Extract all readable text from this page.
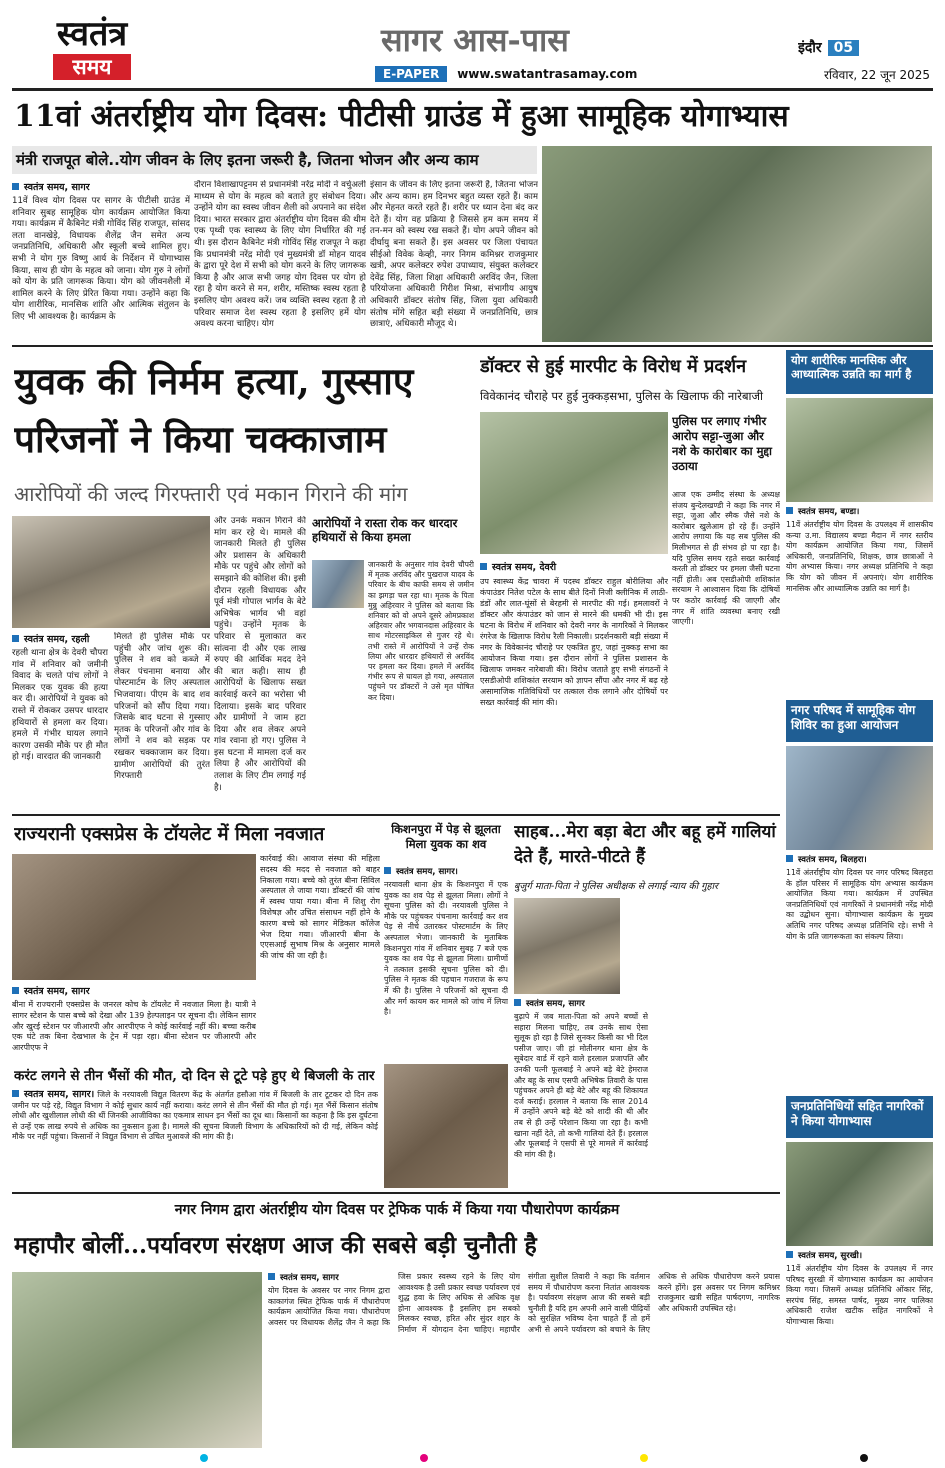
स्वतंत्र
समय
सागर आस-पास
E-PAPER www.swatantrasamay.com
इंदौर 05
रविवार, 22 जून 2025
11वां अंतर्राष्ट्रीय योग दिवस: पीटीसी ग्राउंड में हुआ सामूहिक योगाभ्यास
मंत्री राजपूत बोले..योग जीवन के लिए इतना जरूरी है, जितना भोजन और अन्य काम
स्वतंत्र समय, सागर
11वें विश्व योग दिवस पर सागर के पीटीसी ग्राउंड में शनिवार सुबह सामूहिक योग कार्यक्रम आयोजित किया गया। कार्यक्रम में कैबिनेट मंत्री गोविंद सिंह राजपूत, सांसद लता वानखेड़े, विधायक शैलेंद्र जैन समेत अन्य जनप्रतिनिधि, अधिकारी और स्कूली बच्चे शामिल हुए। सभी ने योग गुरु विष्णु आर्य के निर्देशन में योगाभ्यास किया, साथ ही योग के महत्व को जाना। योग गुरु ने लोगों को योग के प्रति जागरूक किया। योग को जीवनशैली में शामिल करने के लिए प्रेरित किया गया। उन्होंने कहा कि योग शारीरिक, मानसिक शांति और आत्मिक संतुलन के लिए भी आवश्यक है। कार्यक्रम के
दौरान विशाखापट्टनम से प्रधानमंत्री नरेंद्र मोदी ने वर्चुअली माध्यम से योग के महत्व को बताते हुए संबोधन दिया। उन्होंने योग का स्वस्थ जीवन शैली को अपनाने का संदेश दिया। भारत सरकार द्वारा अंतर्राष्ट्रीय योग दिवस की थीम एक पृथ्वी एक स्वास्थ्य के लिए योग निर्धारित की गई थी। इस दौरान कैबिनेट मंत्री गोविंद सिंह राजपूत ने कहा कि प्रधानमंत्री नरेंद्र मोदी एवं मुख्यमंत्री डॉ मोहन यादव के द्वारा पूरे देश में सभी को योग करने के लिए जागरूक किया है और आज सभी जगह योग दिवस पर योग हो रहा है योग करने से मन, शरीर, मस्तिष्क स्वस्थ रहता है इसलिए योग अवश्य करें। जब व्यक्ति स्वस्थ रहता है तो परिवार समाज देश स्वस्थ रहता है इसलिए हमें योग अवश्य करना चाहिए। योग
इंसान के जीवन के लिए इतना जरूरी है, जितना भोजन और अन्य काम। हम दिनभर बहुत व्यस्त रहते हैं। काम और मेहनत करते रहते हैं। शरीर पर ध्यान देना बंद कर देते हैं। योग वह प्रक्रिया है जिससे हम कम समय में तन-मन को स्वस्थ रख सकते हैं। योग अपने जीवन को दीर्घायु बना सकते हैं। इस अवसर पर जिला पंचायत सीईओ विवेक केव्ही, नगर निगम कमिश्नर राजकुमार खत्री, अपर कलेक्टर रुपेश उपाध्याय, संयुक्त कलेक्टर देवेंद्र सिंह, जिला शिक्षा अधिकारी अरविंद जैन, जिला परियोजना अधिकारी गिरीश मिश्रा, संभागीय आयुष अधिकारी डॉक्टर संतोष सिंह, जिला युवा अधिकारी संतोष मोंगे सहित बड़ी संख्या में जनप्रतिनिधि, छात्र छात्राएं, अधिकारी मौजूद थे।
युवक की निर्मम हत्या, गुस्साए परिजनों ने किया चक्काजाम
आरोपियों की जल्द गिरफ्तारी एवं मकान गिराने की मांग
स्वतंत्र समय, रहली
रहली थाना क्षेत्र के देवरी चौपरा गांव में शनिवार को जमीनी विवाद के चलते पांच लोगों ने मिलकर एक युवक की हत्या कर दी। आरोपियों ने युवक को रास्ते में रोककर उसपर धारदार हथियारों से हमला कर दिया। हमले में गंभीर घायल लगाने कारण उसकी मौके पर ही मौत हो गई। वारदात की जानकारी
मिलते ही पुलिस मौके पर पहुंची और जांच शुरू की। पुलिस ने शव को कब्जे में लेकर पंचनामा बनाया और पोस्टमार्टम के लिए अस्पताल भिजवाया। पीएम के बाद शव परिजनों को सौंप दिया गया। जिसके बाद घटना से गुस्साए मृतक के परिजनों और गांव के लोगों ने शव को सड़क पर रखकर चक्काजाम कर दिया। ग्रामीण आरोपियों की तुरंत गिरफ्तारी
और उनके मकान गिराने की मांग कर रहे थे। मामले की जानकारी मिलते ही पुलिस और प्रशासन के अधिकारी मौके पर पहुंचे और लोगों को समझाने की कोशिश की। इसी दौरान रहली विधायक और पूर्व मंत्री गोपाल भार्गव के बेटे अभिषेक भार्गव भी वहां पहुंचे। उन्होंने मृतक के परिवार से मुलाकात कर सांत्वना दी और एक लाख रुपए की आर्थिक मदद देने की बात कही। साथ ही आरोपियों के खिलाफ सख्त कार्रवाई करने का भरोसा भी दिलाया। इसके बाद परिवार और ग्रामीणों ने जाम हटा दिया और शव लेकर अपने गांव रवाना हो गए। पुलिस ने इस घटना में मामला दर्ज कर लिया है और आरोपियों की तलाश के लिए टीम लगाई गई है।
आरोपियों ने रास्ता रोक कर धारदार हथियारों से किया हमला
जानकारी के अनुसार गांव देवरी चौपरी में मृतक अरविंद और पुखराज यादव के परिवार के बीच काफी समय से जमीन का झगड़ा चल रहा था। मृतक के पिता मुन्नु अहिरवार ने पुलिस को बताया कि शनिवार को वो अपने दूसरे ओमप्रकाश अहिरवार और भगवानदास अहिरवार के साथ मोटरसाइकिल से गुजर रहे थे। तभी रास्ते में आरोपियों ने उन्हें रोक लिया और धारदार हथियारों से अरविंद पर हमला कर दिया। हमले में अरविंद गंभीर रूप से घायल हो गया, अस्पताल पहुंचने पर डॉक्टरों ने उसे मृत घोषित कर दिया।
डॉक्टर से हुई मारपीट के विरोध में प्रदर्शन
विवेकानंद चौराहे पर हुई नुक्कड़सभा, पुलिस के खिलाफ की नारेबाजी
पुलिस पर लगाए गंभीर आरोप सट्टा-जुआ और नशे के कारोबार का मुद्दा उठाया
आज एक उम्मीद संस्था के अध्यक्ष संजय बुन्देलखण्डी ने कहा कि नगर में सट्टा, जुआ और स्मैक जैसे नशे के कारोबार खुलेआम हो रहे हैं। उन्होंने आरोप लगाया कि यह सब पुलिस की मिलीभगत से ही संभव हो पा रहा है। यदि पुलिस समय रहते सख्त कार्रवाई करती तो डॉक्टर पर हमला जैसी घटना नहीं होती। अब एसडीओपी शशिकांत सरयाम ने आश्वासन दिया कि दोषियों पर कठोर कार्रवाई की जाएगी और नगर में शांति व्यवस्था बनाए रखी जाएगी।
स्वतंत्र समय, देवरी
उप स्वास्थ्य केंद्र चावरा में पदस्थ डॉक्टर राहुल बोरीलिया और कंपाउंडर नितेश पटेल के साथ बीते दिनों निजी क्लीनिक में लाठी-डंडों और लात-घूंसों से बेरहमी से मारपीट की गई। हमलावरों ने डॉक्टर और कंपाउंडर को जान से मारने की धमकी भी दी। इस घटना के विरोध में शनिवार को देवरी नगर के नागरिकों ने मिलकर रंगरेज के खिलाफ विरोध रैली निकाली। प्रदर्शनकारी बड़ी संख्या में नगर के विवेकानंद चौराहे पर एकत्रित हुए, जहां नुक्कड़ सभा का आयोजन किया गया। इस दौरान लोगों ने पुलिस प्रशासन के खिलाफ जमकर नारेबाजी की। विरोध जताते हुए सभी संगठनों ने एसडीओपी शशिकांत सरयाम को ज्ञापन सौंपा और नगर में बढ़ रहे असामाजिक गतिविधियों पर तत्काल रोक लगाने और दोषियों पर सख्त कार्रवाई की मांग की।
योग शारीरिक मानसिक और आध्यात्मिक उन्नति का मार्ग है
स्वतंत्र समय, बण्डा।
11वें अंतर्राष्ट्रीय योग दिवस के उपलक्ष्य में शासकीय कन्या उ.मा. विद्यालय बण्डा मैदान में नगर स्तरीय योग कार्यक्रम आयोजित किया गया, जिसमें अधिकारी, जनप्रतिनिधि, शिक्षक, छात्र छात्राओं ने योग अभ्यास किया। नगर अध्यक्ष प्रतिनिधि ने कहा कि योग को जीवन में अपनाएं। योग शारीरिक मानसिक और आध्यात्मिक उन्नति का मार्ग है।
नगर परिषद में सामूहिक योग शिविर का हुआ आयोजन
स्वतंत्र समय, बिलहरा।
11वें अंतर्राष्ट्रीय योग दिवस पर नगर परिषद बिलहरा के हॉल परिसर में सामूहिक योग अभ्यास कार्यक्रम आयोजित किया गया। कार्यक्रम में उपस्थित जनप्रतिनिधियों एवं नागरिकों ने प्रधानमंत्री नरेंद्र मोदी का उद्बोधन सुना। योगाभ्यास कार्यक्रम के मुख्य अतिथि नगर परिषद अध्यक्ष प्रतिनिधि रहे। सभी ने योग के प्रति जागरूकता का संकल्प लिया।
जनप्रतिनिधियों सहित नागरिकों ने किया योगाभ्यास
स्वतंत्र समय, सुरखी।
11वें अंतर्राष्ट्रीय योग दिवस के उपलक्ष्य में नगर परिषद सुरखी में योगाभ्यास कार्यक्रम का आयोजन किया गया। जिसमें अध्यक्ष प्रतिनिधि ओंकार सिंह, सरपंच सिंह, समस्त पार्षद, मुख्य नगर पालिका अधिकारी राजेश खटीक सहित नागरिकों ने योगाभ्यास किया।
राज्यरानी एक्सप्रेस के टॉयलेट में मिला नवजात
स्वतंत्र समय, सागर
बीना में राज्यरानी एक्सप्रेस के जनरल कोच के टॉयलेट में नवजात मिला है। यात्री ने सागर स्टेशन के पास बच्चे को देखा और 139 हेल्पलाइन पर सूचना दी। लेकिन सागर और खुरई स्टेशन पर जीआरपी और आरपीएफ ने कोई कार्रवाई नहीं की। बच्चा करीब एक घंटे तक बिना देखभाल के ट्रेन में पड़ा रहा। बीना स्टेशन पर जीआरपी और आरपीएफ ने
कार्रवाई की। आवाज संस्था की महिला सदस्य की मदद से नवजात को बाहर निकाला गया। बच्चे को तुरंत बीना सिविल अस्पताल ले जाया गया। डॉक्टरों की जांच में स्वस्थ पाया गया। बीना में शिशु रोग विशेषज्ञ और उचित संसाधन नहीं होने के कारण बच्चे को सागर मेडिकल कॉलेज भेज दिया गया। जीआरपी बीना के एएसआई सुभाष मिश्र के अनुसार मामले की जांच की जा रही है।
किशनपुरा में पेड़ से झूलता मिला युवक का शव
स्वतंत्र समय, सागर।
नरयावली थाना क्षेत्र के किशनपुरा में एक युवक का शव पेड़ से झूलता मिला। लोगों ने सूचना पुलिस को दी। नरयावली पुलिस ने मौके पर पहुंचकर पंचनामा कार्रवाई कर शव पेड़ से नीचे उतारकर पोस्टमार्टम के लिए अस्पताल भेजा। जानकारी के मुताबिक किशनपुरा गांव में शनिवार सुबह 7 बजे एक युवक का शव पेड़ से झूलता मिला। ग्रामीणों ने तत्काल इसकी सूचना पुलिस को दी। पुलिस ने मृतक की पहचान गजराज के रूप में की है। पुलिस ने परिजनों को सूचना दी और मर्ग कायम कर मामले को जांच में लिया है।
साहब...मेरा बड़ा बेटा और बहू हमें गालियां देते हैं, मारते-पीटते हैं
बुजुर्ग माता-पिता ने पुलिस अधीक्षक से लगाई न्याय की गुहार
स्वतंत्र समय, सागर
बुढ़ापे में जब माता-पिता को अपने बच्चों से सहारा मिलना चाहिए, तब उनके साथ ऐसा सुलूक हो रहा है जिसे सुनकर किसी का भी दिल पसीज जाए। जी हां मोतीनगर थाना क्षेत्र के सूबेदार वार्ड में रहने वाले हरलाल प्रजापति और उनकी पत्नी फूलबाई ने अपने बड़े बेटे हेमराज और बहू के साथ एसपी अभिषेक तिवारी के पास पहुंचकर अपने ही बड़े बेटे और बहू की शिकायत दर्ज कराई। हरलाल ने बताया कि साल 2014 में उन्होंने अपने बड़े बेटे को शादी की थी और तब से ही उन्हें परेशान किया जा रहा है। कभी खाना नहीं देते, तो कभी गालियां देते हैं। हरलाल और फूलबाई ने एसपी से पूरे मामले में कार्रवाई की मांग की है।
करंट लगने से तीन भैंसों की मौत, दो दिन से टूटे पड़े हुए थे बिजली के तार
स्वतंत्र समय, सागर। जिले के नरयावली विद्युत वितरण केंद्र के अंतर्गत हसौआ गांव में बिजली के तार टूटकर दो दिन तक जमीन पर पड़े रहे, विद्युत विभाग ने कोई सुधार कार्य नहीं कराया। करंट लगने से तीन भैंसों की मौत हो गई। मृत भैंसें किसान संतोष लोधी और खुशीलाल लोधी की थीं जिनकी आजीविका का एकमात्र साधन इन भैंसों का दूध था। किसानों का कहना है कि इस दुर्घटना से उन्हें एक लाख रुपये से अधिक का नुकसान हुआ है। मामले की सूचना बिजली विभाग के अधिकारियों को दी गई, लेकिन कोई मौके पर नहीं पहुंचा। किसानों ने विद्युत विभाग से उचित मुआवजे की मांग की है।
नगर निगम द्वारा अंतर्राष्ट्रीय योग दिवस पर ट्रेफिक पार्क में किया गया पौधारोपण कार्यक्रम
महापौर बोलीं...पर्यावरण संरक्षण आज की सबसे बड़ी चुनौती है
स्वतंत्र समय, सागर
योग दिवस के अवसर पर नगर निगम द्वारा काकागंज स्थित ट्रेफिक पार्क में पौधारोपण कार्यक्रम आयोजित किया गया। पौधारोपण अवसर पर विधायक शैलेंद्र जैन ने कहा कि जिस प्रकार स्वस्थ्य रहने के लिए योग आवश्यक है उसी प्रकार स्वच्छ पर्यावरण एवं शुद्ध हवा के लिए अधिक से अधिक वृक्ष होना आवश्यक है इसलिए हम सबको मिलकर स्वच्छ, हरित और सुंदर शहर के निर्माण में योगदान देना चाहिए। महापौर संगीता सुशील तिवारी ने कहा कि वर्तमान समय में पौधारोपण करना नितांत आवश्यक है। पर्यावरण संरक्षण आज की सबसे बड़ी चुनौती है यदि हम अपनी आने वाली पीढ़ियों को सुरक्षित भविष्य देना चाहते हैं तो हमें अभी से अपने पर्यावरण को बचाने के लिए अधिक से अधिक पौधारोपण करने प्रयास करने होंगे। इस अवसर पर निगम कमिश्नर राजकुमार खत्री सहित पार्षदगण, नागरिक और अधिकारी उपस्थित रहे।
